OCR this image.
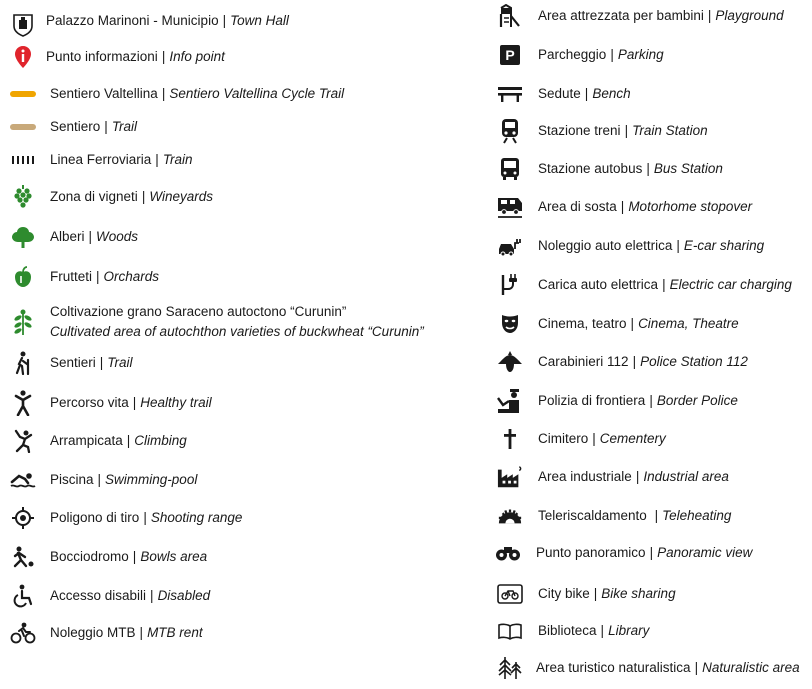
Palazzo Marinoni - Municipio | Town Hall
Punto informazioni | Info point
Sentiero Valtellina | Sentiero Valtellina Cycle Trail
Sentiero | Trail
Linea Ferroviaria | Train
Zona di vigneti | Wineyards
Alberi | Woods
Frutteti | Orchards
Coltivazione grano Saraceno autoctono “Curunin”
Cultivated area of autochthon varieties of buckwheat “Curunin”
Sentieri | Trail
Percorso vita | Healthy trail
Arrampicata | Climbing
Piscina | Swimming-pool
Poligono di tiro | Shooting range
Bocciodromo | Bowls area
Accesso disabili | Disabled
Noleggio MTB | MTB rent
Area attrezzata per bambini | Playground
P Parcheggio | Parking
Sedute | Bench
Stazione treni | Train Station
Stazione autobus | Bus Station
Area di sosta | Motorhome stopover
Noleggio auto elettrica | E-car sharing
Carica auto elettrica | Electric car charging
Cinema, teatro | Cinema, Theatre
Carabinieri 112 | Police Station 112
Polizia di frontiera | Border Police
Cimitero | Cementery
Area industriale | Industrial area
Teleriscaldamento | Teleheating
Punto panoramico | Panoramic view
City bike | Bike sharing
Biblioteca | Library
Area turistico naturalistica | Naturalistic area
